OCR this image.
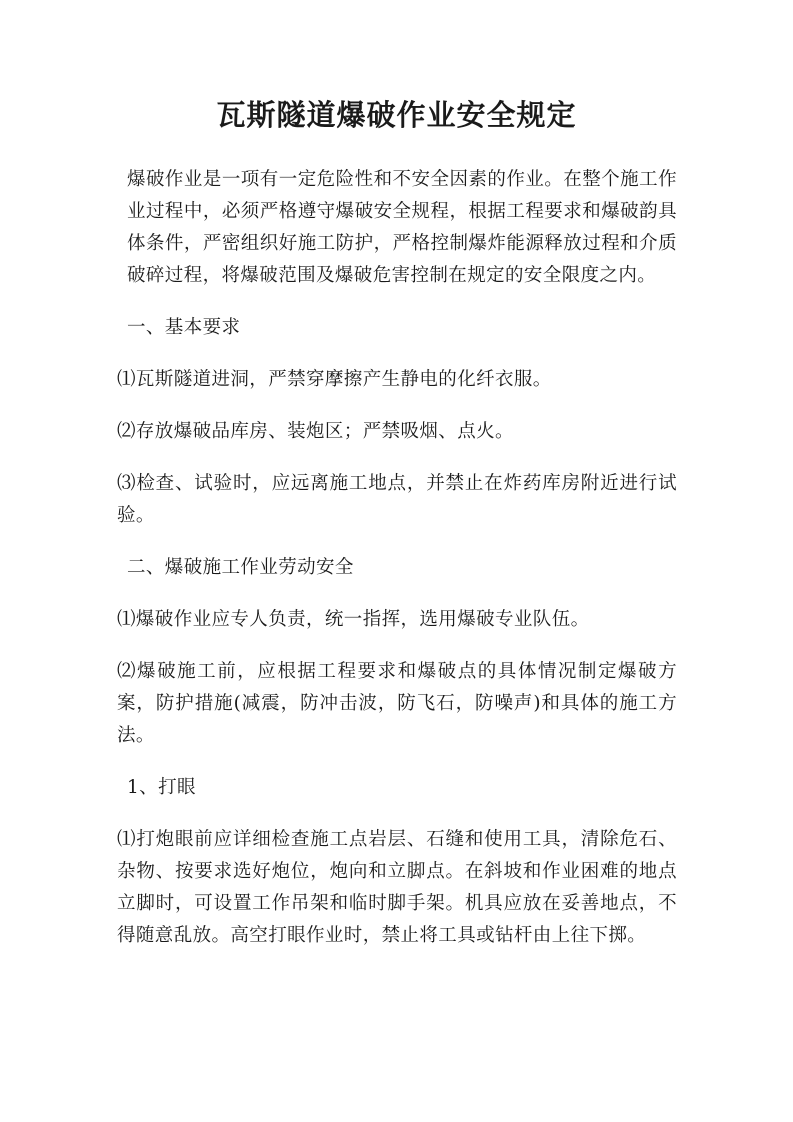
瓦斯隧道爆破作业安全规定

爆破作业是一项有一定危险性和不安全因素的作业。在整个施工作业过程中，必须严格遵守爆破安全规程，根据工程要求和爆破韵具体条件，严密组织好施工防护，严格控制爆炸能源释放过程和介质破碎过程，将爆破范围及爆破危害控制在规定的安全限度之内。

一、基本要求

⑴瓦斯隧道进洞，严禁穿摩擦产生静电的化纤衣服。

⑵存放爆破品库房、装炮区；严禁吸烟、点火。

⑶检查、试验时，应远离施工地点，并禁止在炸药库房附近进行试验。

二、爆破施工作业劳动安全

⑴爆破作业应专人负责，统一指挥，选用爆破专业队伍。

⑵爆破施工前，应根据工程要求和爆破点的具体情况制定爆破方案，防护措施(减震，防冲击波，防飞石，防噪声)和具体的施工方法。

1、打眼

⑴打炮眼前应详细检查施工点岩层、石缝和使用工具，清除危石、杂物、按要求选好炮位，炮向和立脚点。在斜坡和作业困难的地点立脚时，可设置工作吊架和临时脚手架。机具应放在妥善地点，不得随意乱放。高空打眼作业时，禁止将工具或钻杆由上往下掷。
